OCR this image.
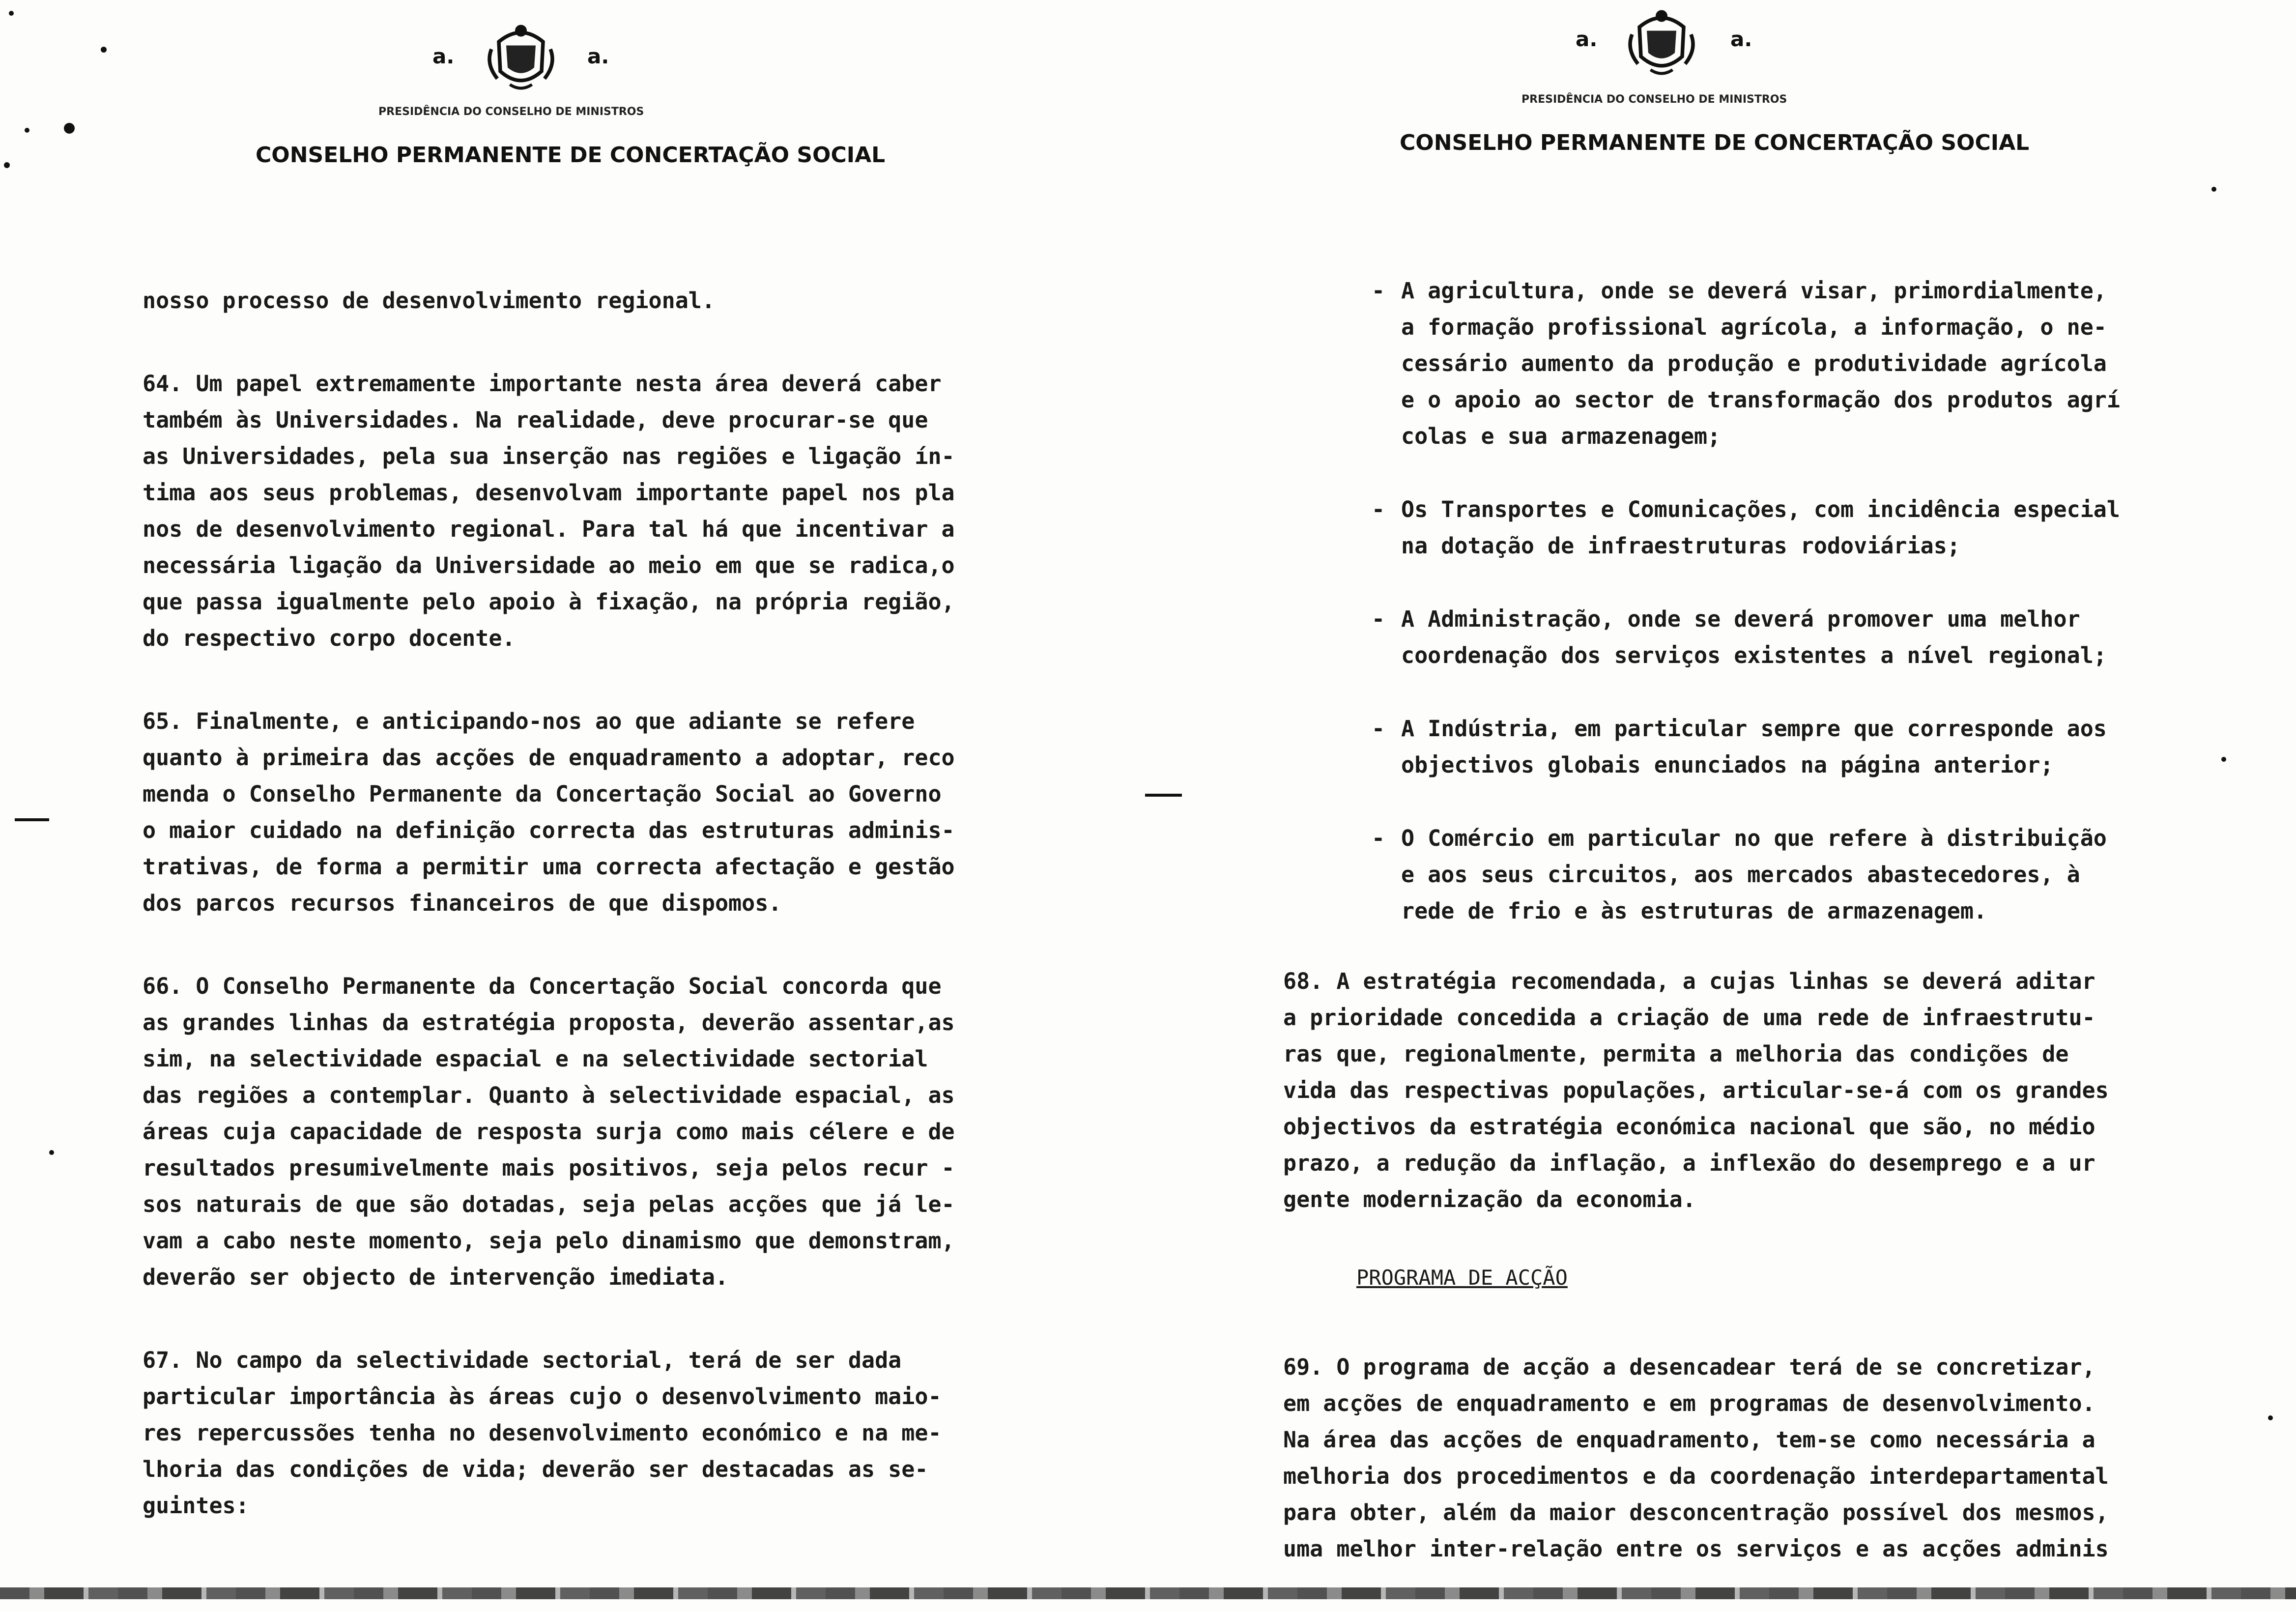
a.	a.
PRESIDÊNCIA DO CONSELHO DE MINISTROS
CONSELHO PERMANENTE DE CONCERTAÇÃO SOCIAL

nosso processo de desenvolvimento regional.

64. Um papel extremamente importante nesta área deverá caber
também às Universidades. Na realidade, deve procurar-se que
as Universidades, pela sua inserção nas regiões e ligação ín-
tima aos seus problemas, desenvolvam importante papel nos pla
nos de desenvolvimento regional. Para tal há que incentivar a
necessária ligação da Universidade ao meio em que se radica,o
que passa igualmente pelo apoio à fixação, na própria região,
do respectivo corpo docente.

65. Finalmente, e anticipando-nos ao que adiante se refere
quanto à primeira das acções de enquadramento a adoptar, reco
menda o Conselho Permanente da Concertação Social ao Governo
o maior cuidado na definição correcta das estruturas adminis-
trativas, de forma a permitir uma correcta afectação e gestão
dos parcos recursos financeiros de que dispomos.

66. O Conselho Permanente da Concertação Social concorda que
as grandes linhas da estratégia proposta, deverão assentar,as
sim, na selectividade espacial e na selectividade sectorial
das regiões a contemplar. Quanto à selectividade espacial, as
áreas cuja capacidade de resposta surja como mais célere e de
resultados presumivelmente mais positivos, seja pelos recur -
sos naturais de que são dotadas, seja pelas acções que já le-
vam a cabo neste momento, seja pelo dinamismo que demonstram,
deverão ser objecto de intervenção imediata.

67. No campo da selectividade sectorial, terá de ser dada
particular importância às áreas cujo o desenvolvimento maio-
res repercussões tenha no desenvolvimento económico e na me-
lhoria das condições de vida; deverão ser destacadas as se-
guintes:

a.	a.
PRESIDÊNCIA DO CONSELHO DE MINISTROS
CONSELHO PERMANENTE DE CONCERTAÇÃO SOCIAL
- A agricultura, onde se deverá visar, primordialmente,
a formação profissional agrícola, a informação, o ne-
cessário aumento da produção e produtividade agrícola
e o apoio ao sector de transformação dos produtos agrí
colas e sua armazenagem;
- Os Transportes e Comunicações, com incidência especial
na dotação de infraestruturas rodoviárias;
- A Administração, onde se deverá promover uma melhor
coordenação dos serviços existentes a nível regional;
- A Indústria, em particular sempre que corresponde aos
objectivos globais enunciados na página anterior;
- O Comércio em particular no que refere à distribuição
e aos seus circuitos, aos mercados abastecedores, à
rede de frio e às estruturas de armazenagem.
68. A estratégia recomendada, a cujas linhas se deverá aditar
a prioridade concedida a criação de uma rede de infraestrutu-
ras que, regionalmente, permita a melhoria das condições de
vida das respectivas populações, articular-se-á com os grandes
objectivos da estratégia económica nacional que são, no médio
prazo, a redução da inflação, a inflexão do desemprego e a ur
gente modernização da economia.
PROGRAMA DE ACÇÃO
69. O programa de acção a desencadear terá de se concretizar,
em acções de enquadramento e em programas de desenvolvimento.
Na área das acções de enquadramento, tem-se como necessária a
melhoria dos procedimentos e da coordenação interdepartamental
para obter, além da maior desconcentração possível dos mesmos,
uma melhor inter-relação entre os serviços e as acções adminis
